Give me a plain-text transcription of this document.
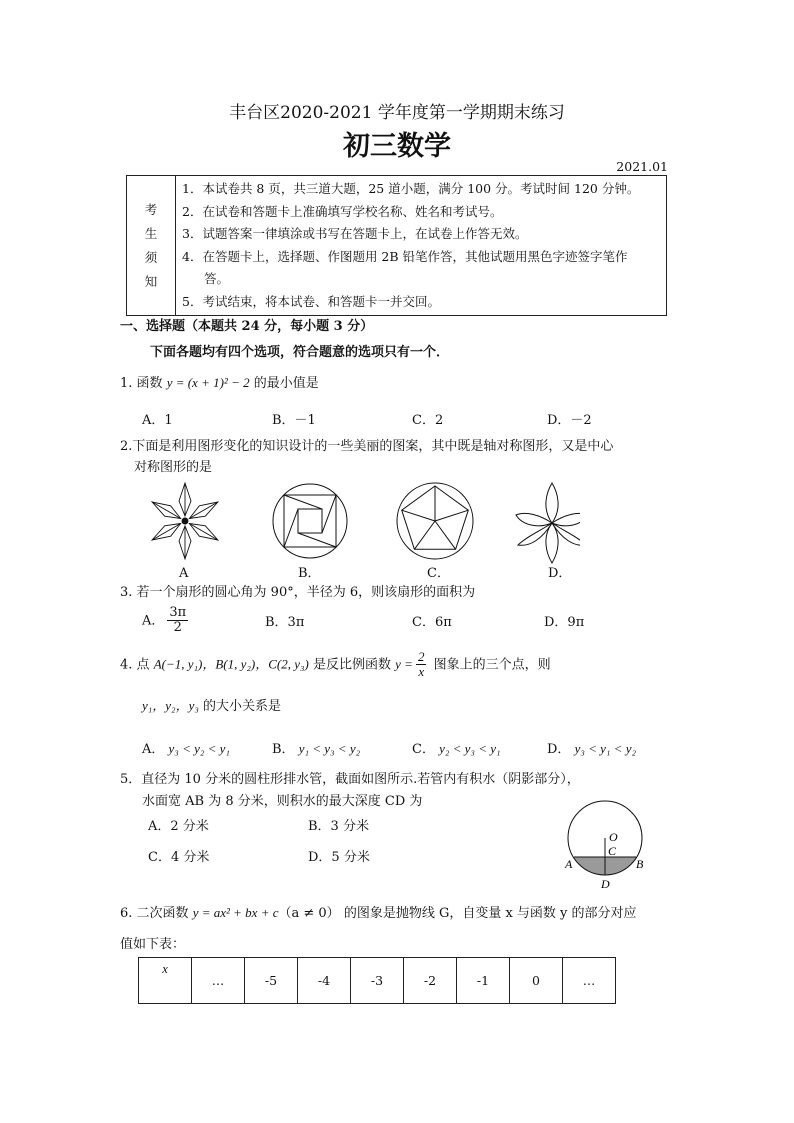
丰台区2020-2021 学年度第一学期期末练习
初三数学
2021.01
考
生
须
知

1．本试卷共 8 页，共三道大题，25 道小题，满分 100 分。考试时间 120 分钟。
2．在试卷和答题卡上准确填写学校名称、姓名和考试号。
3．试题答案一律填涂或书写在答题卡上，在试卷上作答无效。
4．在答题卡上，选择题、作图题用 2B 铅笔作答，其他试题用黑色字迹签字笔作
答。
5．考试结束，将本试卷、和答题卡一并交回。
一、选择题（本题共 24 分，每小题 3 分）
下面各题均有四个选项，符合题意的选项只有一个．
1. 函数 y = (x + 1)² − 2 的最小值是
A．1	B．－1	C．2	D．－2
2.下面是利用图形变化的知识设计的一些美丽的图案，其中既是轴对称图形，又是中心
对称图形的是
A	B．	C．	D．
3. 若一个扇形的圆心角为 90°，半径为 6，则该扇形的面积为
A． $\frac{3\pi}{2}$	B．3π	C．6π	D．9π
4. 点 A(−1, y₁)，B(1, y₂)，C(2, y₃) 是反比例函数 $y = \frac{2}{x}$ 图象上的三个点，则
y₁，y₂，y₃ 的大小关系是
A． y₃ < y₂ < y₁	B． y₁ < y₃ < y₂	C． y₂ < y₃ < y₁	D． y₃ < y₁ < y₂
5．直径为 10 分米的圆柱形排水管，截面如图所示.若管内有积水（阴影部分），
水面宽 AB 为 8 分米，则积水的最大深度 CD 为
A．2 分米	B．3 分米
C．4 分米	D．5 分米
O
C
A	B
D
6. 二次函数 y = ax² + bx + c（a ≠ 0） 的图象是抛物线 G，自变量 x 与函数 y 的部分对应
值如下表：
x	…	-5	-4	-3	-2	-1	0	…
